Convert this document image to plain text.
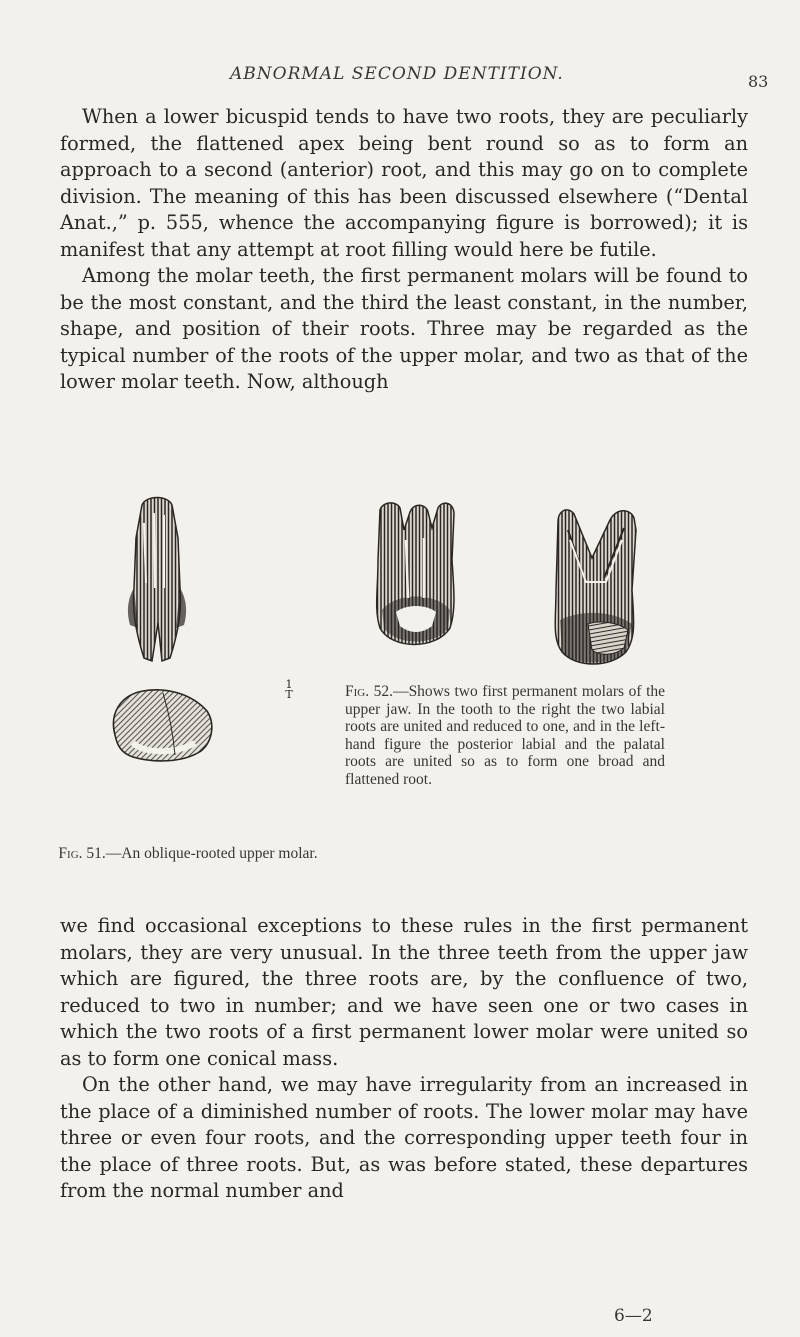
ABNORMAL SECOND DENTITION.	83

When a lower bicuspid tends to have two roots, they are peculiarly formed, the flattened apex being bent round so as to form an approach to a second (anterior) root, and this may go on to complete division. The meaning of this has been discussed elsewhere (“Dental Anat.,” p. 555, whence the accompanying figure is borrowed); it is manifest that any attempt at root filling would here be futile.

Among the molar teeth, the first permanent molars will be found to be the most constant, and the third the least constant, in the number, shape, and position of their roots. Three may be regarded as the typical number of the roots of the upper molar, and two as that of the lower molar teeth. Now, although

1
T
Fig. 51.—An oblique-rooted upper molar.
Fig. 52.—Shows two first permanent molars of the upper jaw. In the tooth to the right the two labial roots are united and reduced to one, and in the left-hand figure the posterior labial and the palatal roots are united so as to form one broad and flattened root.

we find occasional exceptions to these rules in the first permanent molars, they are very unusual. In the three teeth from the upper jaw which are figured, the three roots are, by the confluence of two, reduced to two in number; and we have seen one or two cases in which the two roots of a first permanent lower molar were united so as to form one conical mass.

On the other hand, we may have irregularity from an increased in the place of a diminished number of roots. The lower molar may have three or even four roots, and the corresponding upper teeth four in the place of three roots. But, as was before stated, these departures from the normal number and

6—2
